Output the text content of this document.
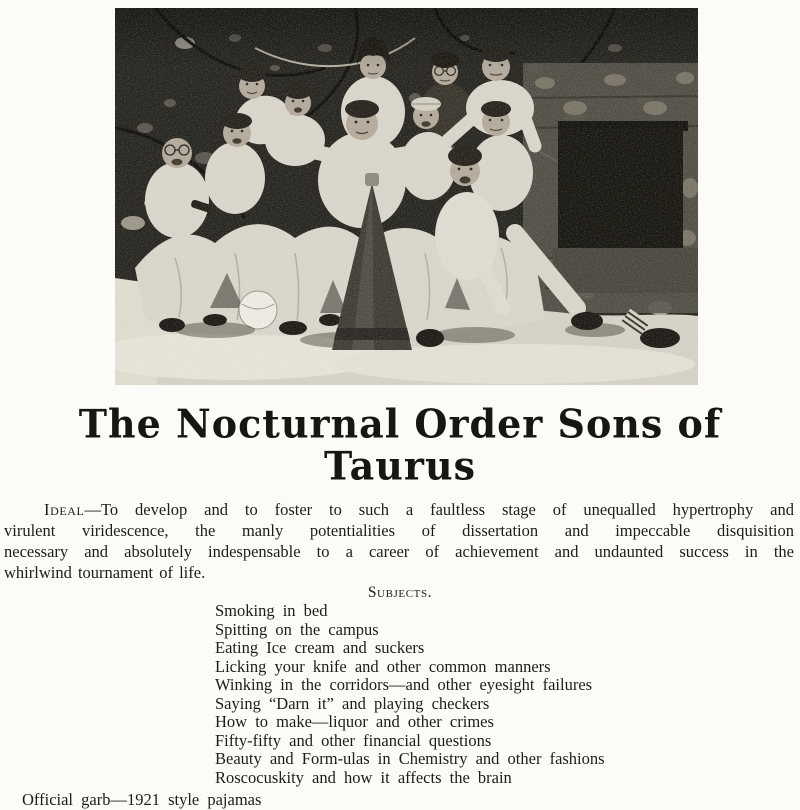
The Nocturnal Order Sons of Taurus
Ideal—To develop and to foster to such a faultless stage of unequalled hypertrophy and
virulent viridescence, the manly potentialities of dissertation and impeccable disquisition
necessary and absolutely indespensable to a career of achievement and undaunted success in the
whirlwind tournament of life.
Subjects.
Smoking in bed
Spitting on the campus
Eating Ice cream and suckers
Licking your knife and other common manners
Winking in the corridors—and other eyesight failures
Saying “Darn it” and playing checkers
How to make—liquor and other crimes
Fifty-fifty and other financial questions
Beauty and Form-ulas in Chemistry and other fashions
Roscocuskity and how it affects the brain
Official garb—1921 style pajamas
